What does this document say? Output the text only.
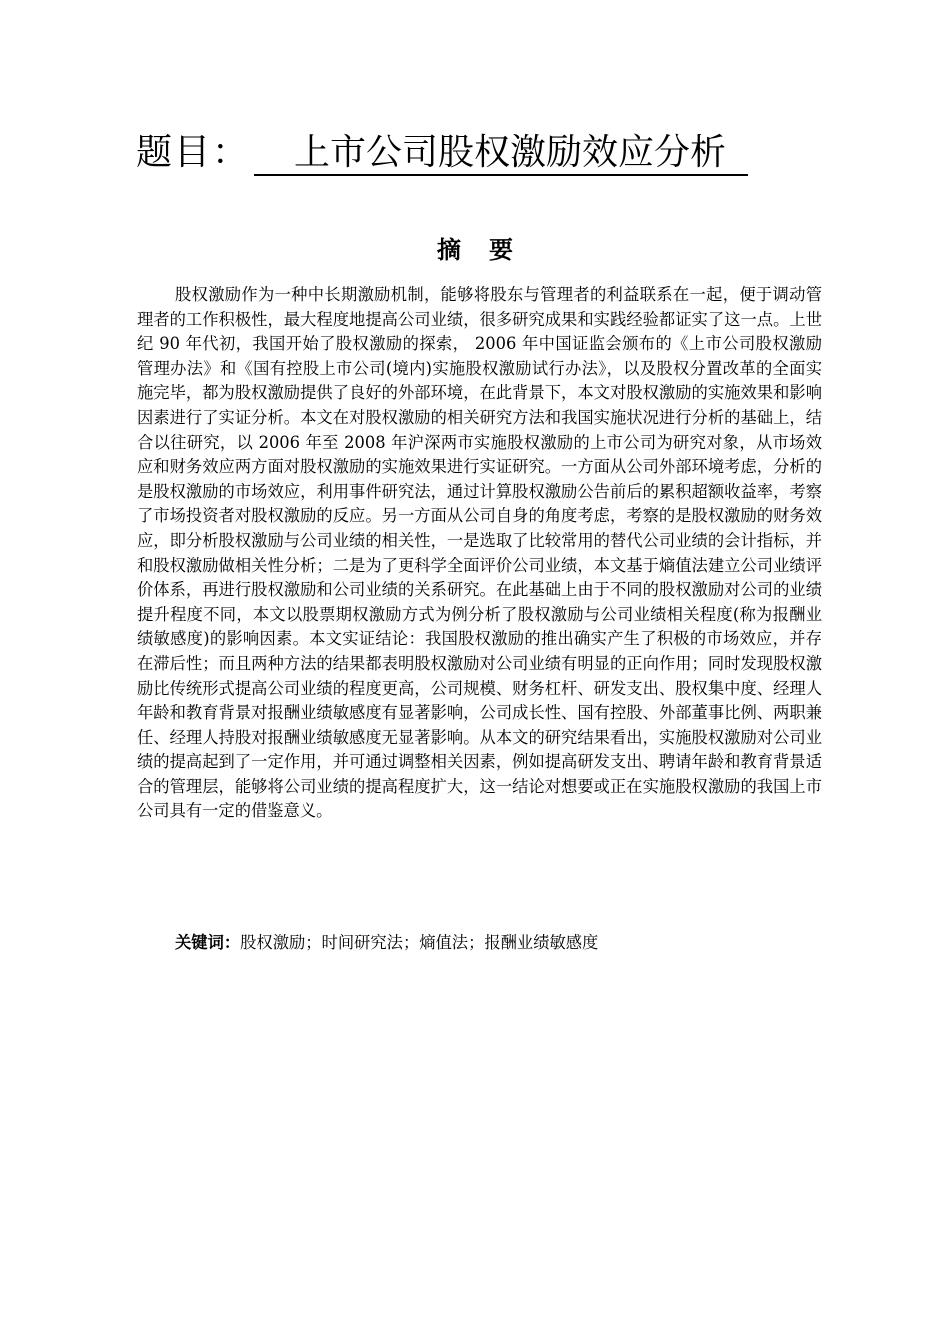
题目：	上市公司股权激励效应分析
摘要

股权激励作为一种中长期激励机制，能够将股东与管理者的利益联系在一起，便于调动管理者的工作积极性，最大程度地提高公司业绩，很多研究成果和实践经验都证实了这一点。上世纪 90 年代初，我国开始了股权激励的探索， 2006 年中国证监会颁布的《上市公司股权激励管理办法》和《国有控股上市公司(境内)实施股权激励试行办法》，以及股权分置改革的全面实施完毕，都为股权激励提供了良好的外部环境，在此背景下，本文对股权激励的实施效果和影响因素进行了实证分析。本文在对股权激励的相关研究方法和我国实施状况进行分析的基础上，结合以往研究，以 2006 年至 2008 年沪深两市实施股权激励的上市公司为研究对象，从市场效应和财务效应两方面对股权激励的实施效果进行实证研究。一方面从公司外部环境考虑，分析的是股权激励的市场效应，利用事件研究法，通过计算股权激励公告前后的累积超额收益率，考察了市场投资者对股权激励的反应。另一方面从公司自身的角度考虑，考察的是股权激励的财务效应，即分析股权激励与公司业绩的相关性，一是选取了比较常用的替代公司业绩的会计指标，并和股权激励做相关性分析；二是为了更科学全面评价公司业绩，本文基于熵值法建立公司业绩评价体系，再进行股权激励和公司业绩的关系研究。在此基础上由于不同的股权激励对公司的业绩提升程度不同，本文以股票期权激励方式为例分析了股权激励与公司业绩相关程度(称为报酬业绩敏感度)的影响因素。本文实证结论：我国股权激励的推出确实产生了积极的市场效应，并存在滞后性；而且两种方法的结果都表明股权激励对公司业绩有明显的正向作用；同时发现股权激励比传统形式提高公司业绩的程度更高，公司规模、财务杠杆、研发支出、股权集中度、经理人年龄和教育背景对报酬业绩敏感度有显著影响，公司成长性、国有控股、外部董事比例、两职兼任、经理人持股对报酬业绩敏感度无显著影响。从本文的研究结果看出，实施股权激励对公司业绩的提高起到了一定作用，并可通过调整相关因素，例如提高研发支出、聘请年龄和教育背景适合的管理层，能够将公司业绩的提高程度扩大，这一结论对想要或正在实施股权激励的我国上市公司具有一定的借鉴意义。

关键词：股权激励；时间研究法；熵值法；报酬业绩敏感度
